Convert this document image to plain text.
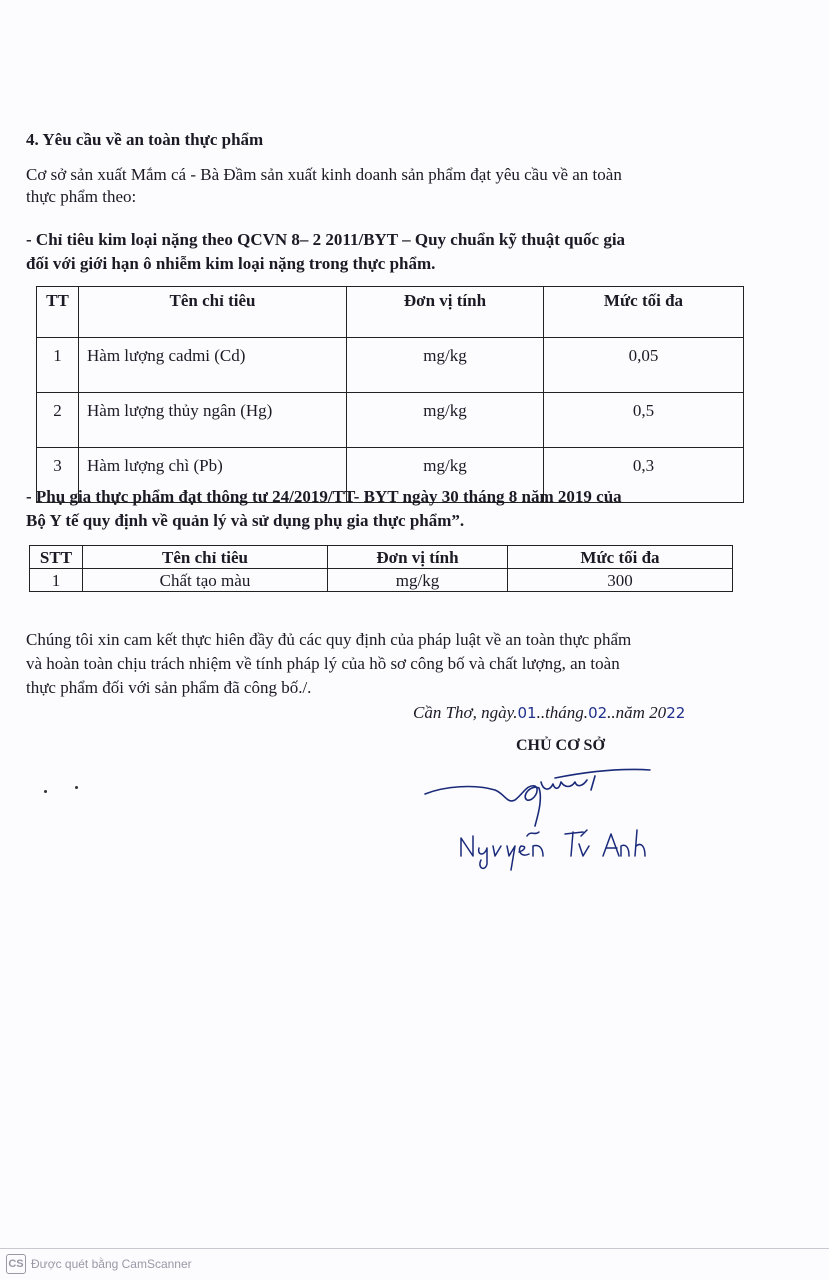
4. Yêu cầu về an toàn thực phẩm
Cơ sở sản xuất Mắm cá - Bà Đầm sản xuất kinh doanh sản phẩm đạt yêu cầu về an toàn
thực phẩm theo:
- Chỉ tiêu kim loại nặng theo QCVN 8– 2 2011/BYT – Quy chuẩn kỹ thuật quốc gia
đối với giới hạn ô nhiễm kim loại nặng trong thực phẩm.
TT	Tên chỉ tiêu	Đơn vị tính	Mức tối đa
1	Hàm lượng cadmi (Cd)	mg/kg	0,05
2	Hàm lượng thủy ngân (Hg)	mg/kg	0,5
3	Hàm lượng chì (Pb)	mg/kg	0,3
- Phụ gia thực phẩm đạt thông tư 24/2019/TT- BYT ngày 30 tháng 8 năm 2019 của
Bộ Y tế quy định về quản lý và sử dụng phụ gia thực phẩm”.
STT	Tên chỉ tiêu	Đơn vị tính	Mức tối đa
1	Chất tạo màu	mg/kg	300
Chúng tôi xin cam kết thực hiên đầy đủ các quy định của pháp luật về an toàn thực phẩm
và hoàn toàn chịu trách nhiệm về tính pháp lý của hồ sơ công bố và chất lượng, an toàn
thực phẩm đối với sản phẩm đã công bố./.
Cần Thơ, ngày.01..tháng.02..năm 2022
CHỦ CƠ SỞ
CS Được quét bằng CamScanner
